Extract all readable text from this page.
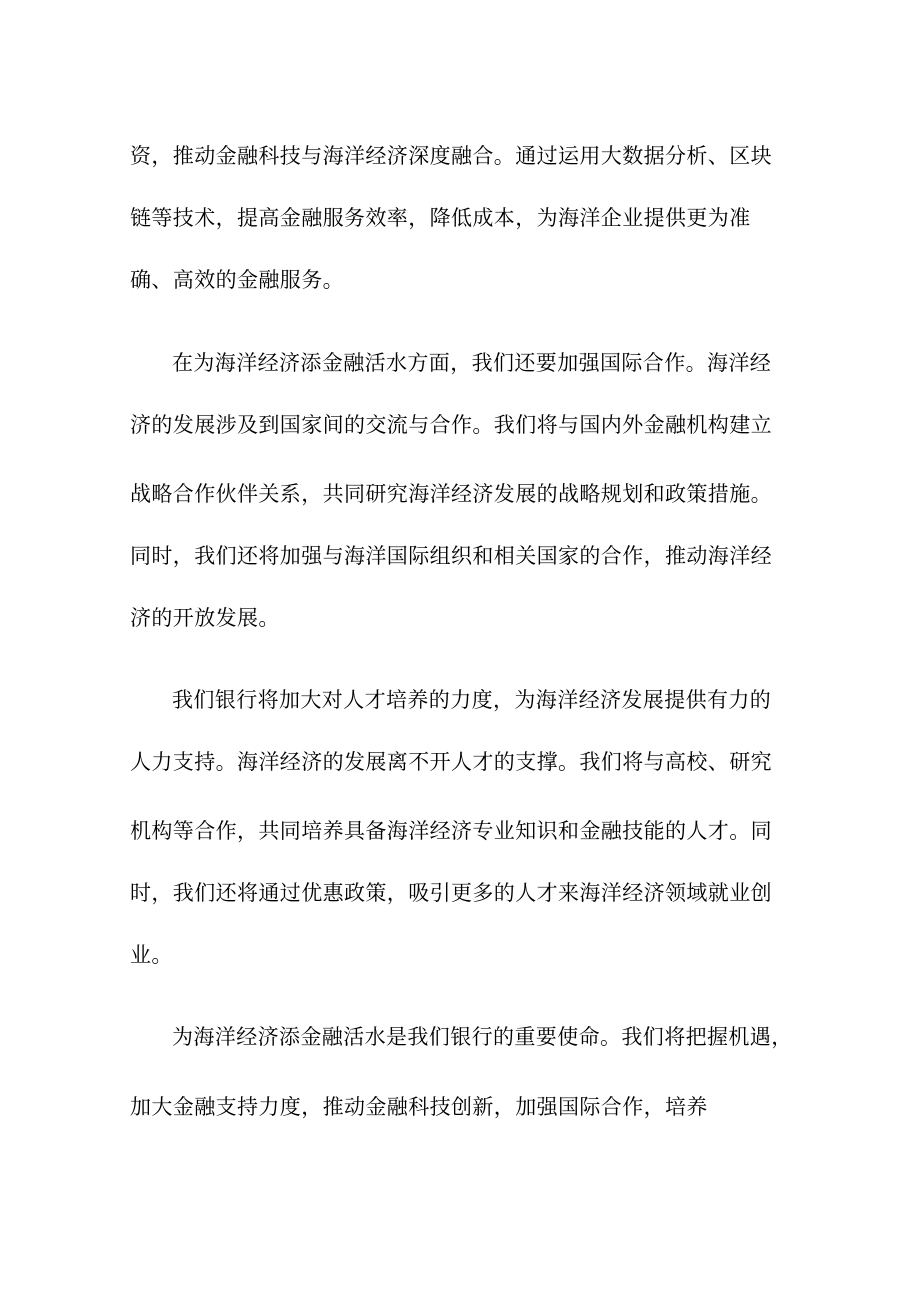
资，推动金融科技与海洋经济深度融合。通过运用大数据分析、区块

链等技术，提高金融服务效率，降低成本，为海洋企业提供更为准

确、高效的金融服务。

在为海洋经济添金融活水方面，我们还要加强国际合作。海洋经

济的发展涉及到国家间的交流与合作。我们将与国内外金融机构建立

战略合作伙伴关系，共同研究海洋经济发展的战略规划和政策措施。

同时，我们还将加强与海洋国际组织和相关国家的合作，推动海洋经

济的开放发展。

我们银行将加大对人才培养的力度，为海洋经济发展提供有力的

人力支持。海洋经济的发展离不开人才的支撑。我们将与高校、研究

机构等合作，共同培养具备海洋经济专业知识和金融技能的人才。同

时，我们还将通过优惠政策，吸引更多的人才来海洋经济领域就业创

业。

为海洋经济添金融活水是我们银行的重要使命。我们将把握机遇，

加大金融支持力度，推动金融科技创新，加强国际合作，培养
